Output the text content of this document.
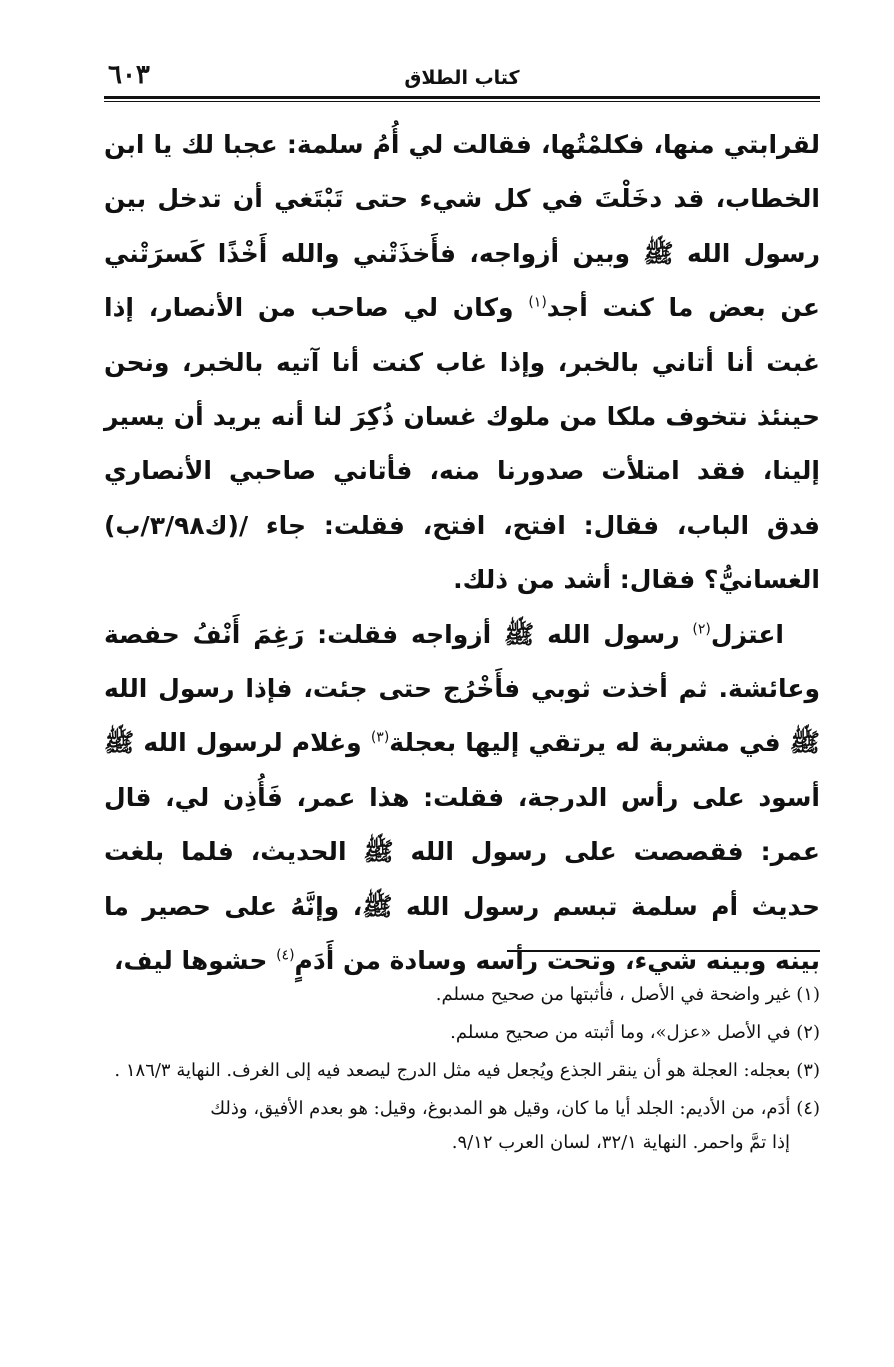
٦٠٣	كتاب الطلاق

لقرابتي منها، فكلمْتُها، فقالت لي أُمُ سلمة: عجبا لك يا ابن الخطاب، قد دخَلْتَ في كل شيء حتى تَبْتَغي أن تدخل بين رسول الله ﷺ وبين أزواجه، فأَخذَتْني والله أَخْذًا كَسرَتْني عن بعض ما كنت أجد$^{(١)}$ وكان لي صاحب من الأنصار، إذا غبت أنا أتاني بالخبر، وإذا غاب كنت أنا آتيه بالخبر، ونحن حينئذ نتخوف ملكا من ملوك غسان ذُكِرَ لنا أنه يريد أن يسير إلينا، فقد امتلأت صدورنا منه، فأتاني صاحبي الأنصاري فدق الباب، فقال: افتح، افتح، فقلت: جاء /(ك٣/٩٨/ب) الغسانيُّ؟ فقال: أشد من ذلك.

اعتزل$^{(٢)}$ رسول الله ﷺ أزواجه فقلت: رَغِمَ أَنْفُ حفصة وعائشة. ثم أخذت ثوبي فأَخْرُج حتى جئت، فإذا رسول الله ﷺ في مشربة له يرتقي إليها بعجلة$^{(٣)}$ وغلام لرسول الله ﷺ أسود على رأس الدرجة، فقلت: هذا عمر، فَأُذِن لي، قال عمر: فقصصت على رسول الله ﷺ الحديث، فلما بلغت حديث أم سلمة تبسم رسول الله ﷺ، وإنَّهُ على حصير ما بينه وبينه شيء، وتحت رأسه وسادة من أَدَمٍ$^{(٤)}$ حشوها ليف،

(١) غير واضحة في الأصل ، فأثبتها من صحيح مسلم.

(٢) في الأصل «عزل»، وما أثبته من صحيح مسلم.

(٣) بعجله: العجلة هو أن ينقر الجذع ويُجعل فيه مثل الدرج ليصعد فيه إلى الغرف. النهاية ١٨٦/٣ .

(٤) أدَم، من الأديم: الجلد أيا ما كان، وقيل هو المدبوغ، وقيل: هو بعدم الأفيق، وذلك
إذا تمَّ واحمر. النهاية ٣٢/١، لسان العرب ٩/١٢.
